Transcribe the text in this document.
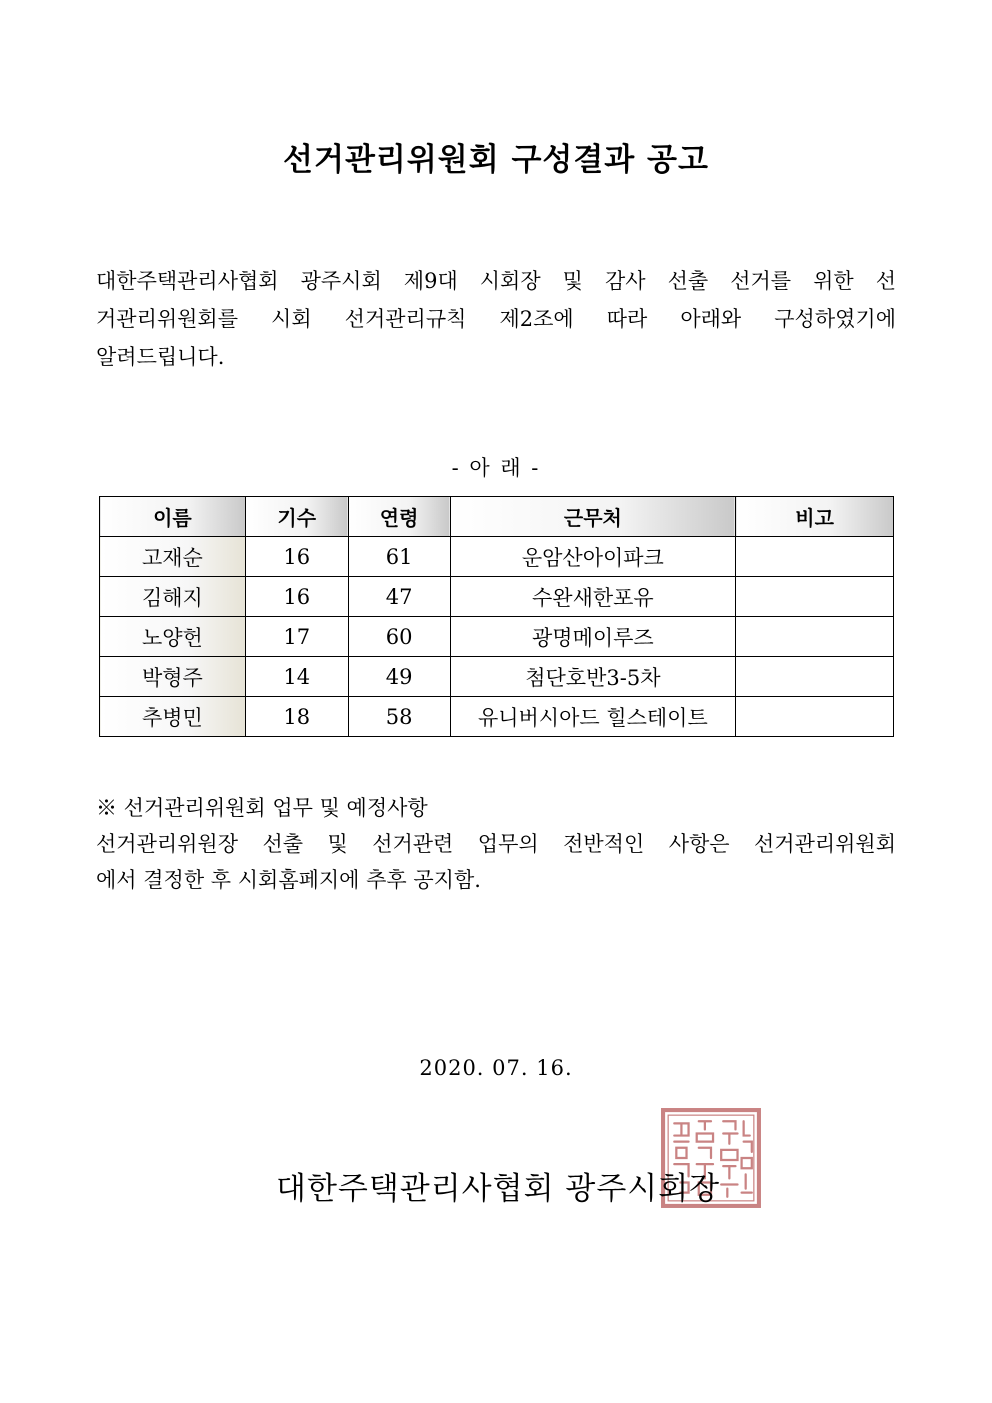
선거관리위원회 구성결과 공고
대한주택관리사협회 광주시회 제9대 시회장 및 감사 선출 선거를 위한 선
거관리위원회를 시회 선거관리규칙 제2조에 따라 아래와 구성하였기에
알려드립니다.
- 아 래 -
이름	기수	연령	근무처	비고
고재순	16	61	운암산아이파크	
김해지	16	47	수완새한포유	
노양헌	17	60	광명메이루즈	
박형주	14	49	첨단호반3-5차	
추병민	18	58	유니버시아드 힐스테이트	
※ 선거관리위원회 업무 및 예정사항
선거관리위원장 선출 및 선거관련 업무의 전반적인 사항은 선거관리위원회
에서 결정한 후 시회홈페지에 추후 공지함.
2020. 07. 16.
대한주택관리사협회 광주시회장
